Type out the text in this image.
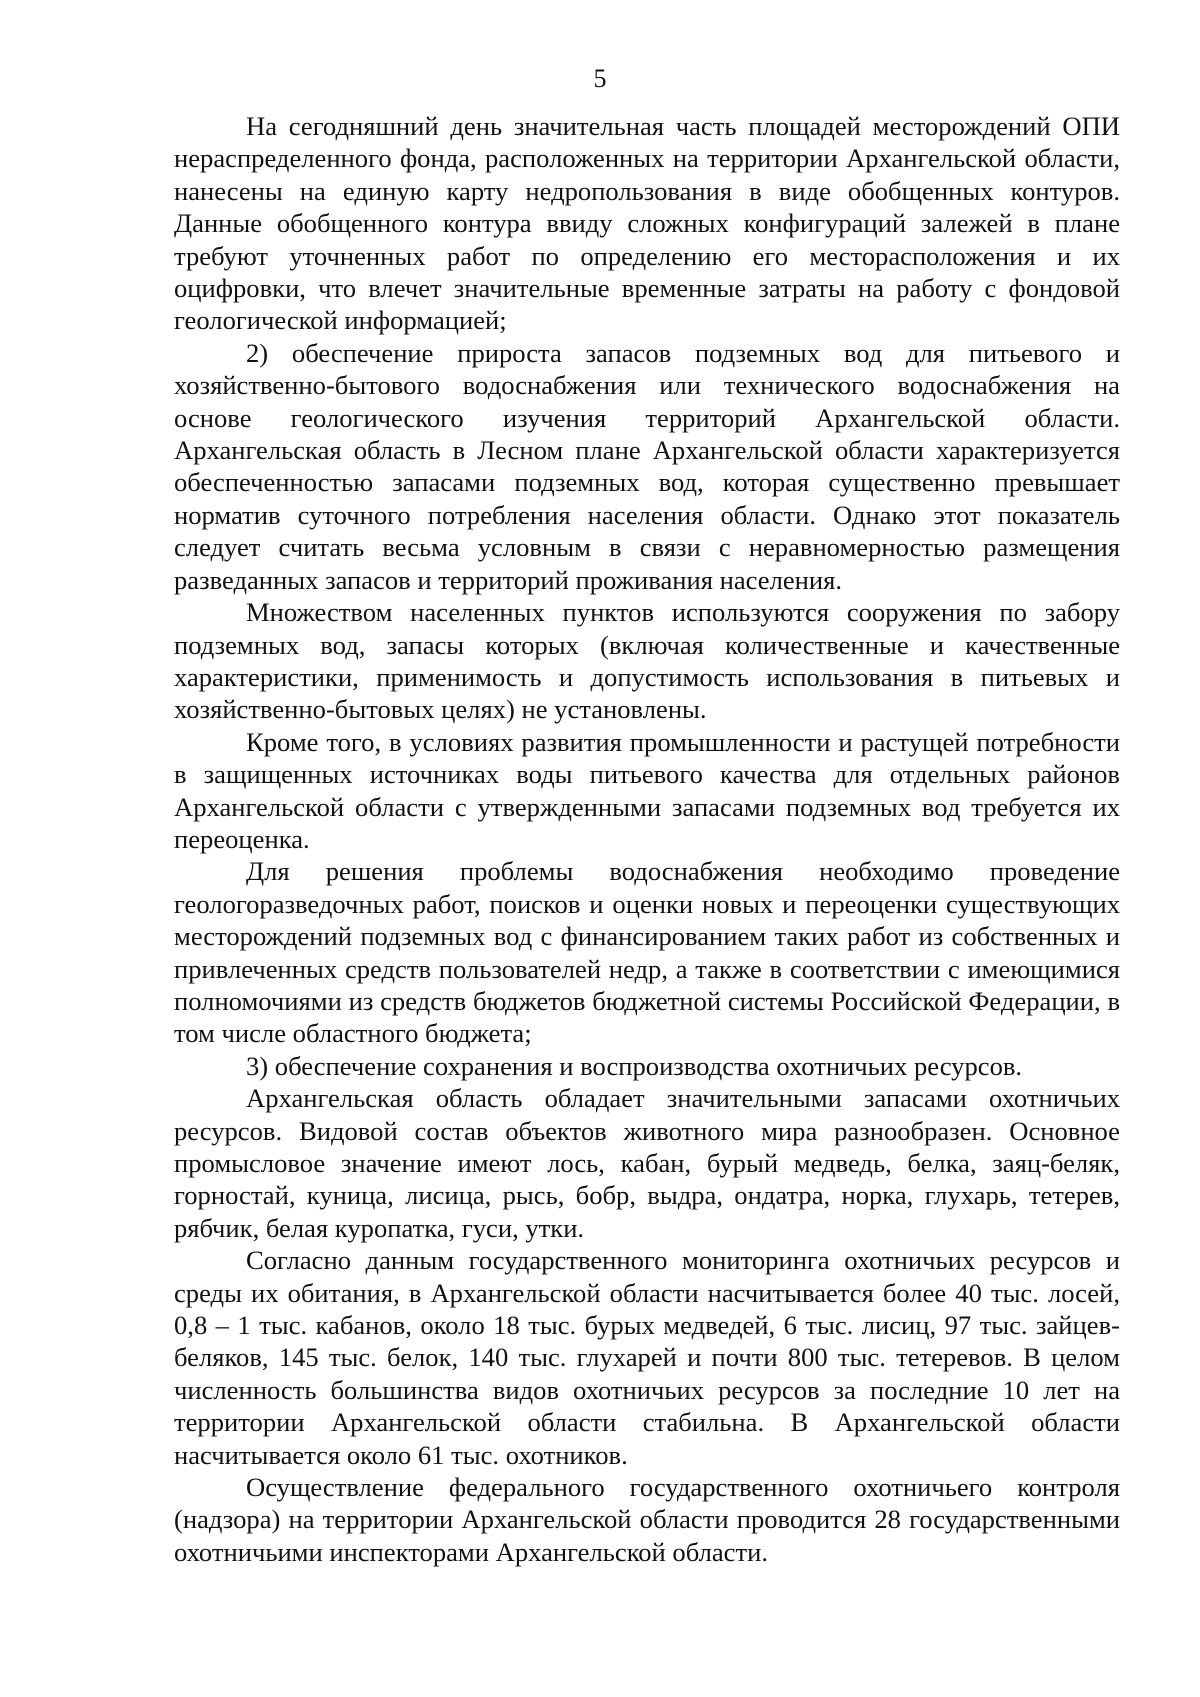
5

На сегодняшний день значительная часть площадей месторождений ОПИ нераспределенного фонда, расположенных на территории Архангельской области, нанесены на единую карту недропользования в виде обобщенных контуров. Данные обобщенного контура ввиду сложных конфигураций залежей в плане требуют уточненных работ по определению его месторасположения и их оцифровки, что влечет значительные временные затраты на работу с фондовой геологической информацией;

2) обеспечение прироста запасов подземных вод для питьевого и хозяйственно-бытового водоснабжения или технического водоснабжения на основе геологического изучения территорий Архангельской области. Архангельская область в Лесном плане Архангельской области характеризуется обеспеченностью запасами подземных вод, которая существенно превышает норматив суточного потребления населения области. Однако этот показатель следует считать весьма условным в связи с неравномерностью размещения разведанных запасов и территорий проживания населения.

Множеством населенных пунктов используются сооружения по забору подземных вод, запасы которых (включая количественные и качественные характеристики, применимость и допустимость использования в питьевых и хозяйственно-бытовых целях) не установлены.

Кроме того, в условиях развития промышленности и растущей потребности в защищенных источниках воды питьевого качества для отдельных районов Архангельской области с утвержденными запасами подземных вод требуется их переоценка.

Для решения проблемы водоснабжения необходимо проведение геологоразведочных работ, поисков и оценки новых и переоценки существующих месторождений подземных вод с финансированием таких работ из собственных и привлеченных средств пользователей недр, а также в соответствии с имеющимися полномочиями из средств бюджетов бюджетной системы Российской Федерации, в том числе областного бюджета;

3) обеспечение сохранения и воспроизводства охотничьих ресурсов.

Архангельская область обладает значительными запасами охотничьих ресурсов. Видовой состав объектов животного мира разнообразен. Основное промысловое значение имеют лось, кабан, бурый медведь, белка, заяц-беляк, горностай, куница, лисица, рысь, бобр, выдра, ондатра, норка, глухарь, тетерев, рябчик, белая куропатка, гуси, утки.

Согласно данным государственного мониторинга охотничьих ресурсов и среды их обитания, в Архангельской области насчитывается более 40 тыс. лосей, 0,8 – 1 тыс. кабанов, около 18 тыс. бурых медведей, 6 тыс. лисиц, 97 тыс. зайцев-беляков, 145 тыс. белок, 140 тыс. глухарей и почти 800 тыс. тетеревов. В целом численность большинства видов охотничьих ресурсов за последние 10 лет на территории Архангельской области стабильна. В Архангельской области насчитывается около 61 тыс. охотников.

Осуществление федерального государственного охотничьего контроля (надзора) на территории Архангельской области проводится 28 государственными охотничьими инспекторами Архангельской области.
